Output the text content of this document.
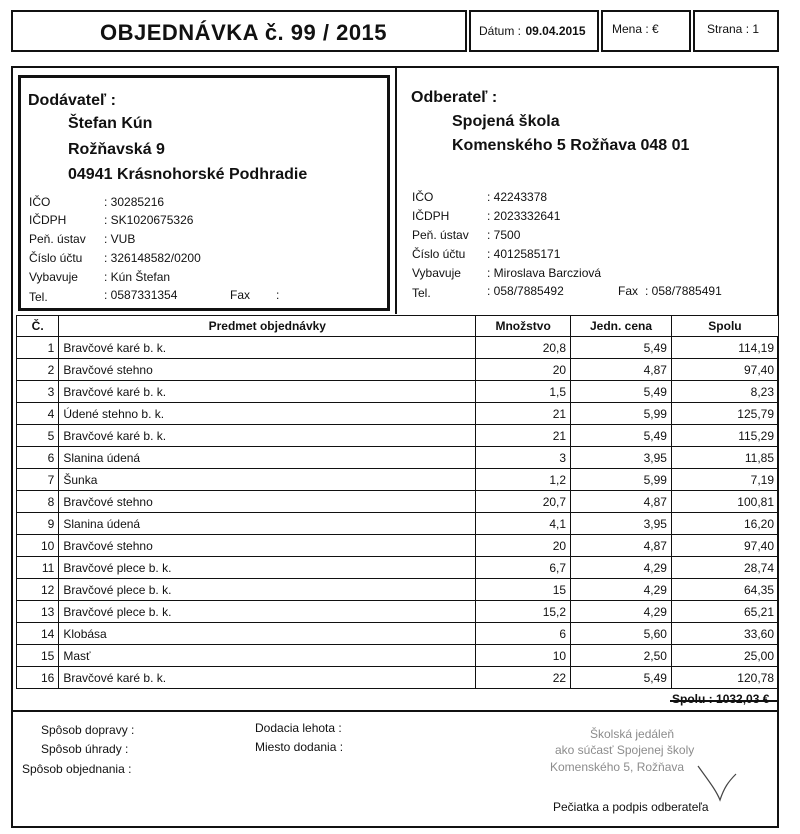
OBJEDNÁVKA č. 99 / 2015	Dátum : 09.04.2015 Mena : €	Strana : 1
Dodávateľ :
Štefan Kún
Rožňavská 9
04941 Krásnohorské Podhradie
IČO	: 30285216
IČDPH	: SK1020675326
Peň. ústav : VUB
Číslo účtu : 326148582/0200
Vybavuje : Kún Štefan
Tel.	: 0587331354	Fax :
Odberateľ :
Spojená škola
Komenského 5 Rožňava 048 01
IČO	: 42243378
IČDPH	: 2023332641
Peň. ústav : 7500
Číslo účtu : 4012585171
Vybavuje : Miroslava Barcziová
Tel.	: 058/7885492	Fax : 058/7885491
Č.	Predmet objednávky	Množstvo	Jedn. cena	Spolu
1	Bravčové karé b. k.	20,8	5,49	114,19
2	Bravčové stehno	20	4,87	97,40
3	Bravčové karé b. k.	1,5	5,49	8,23
4	Údené stehno b. k.	21	5,99	125,79
5	Bravčové karé b. k.	21	5,49	115,29
6	Slanina údená	3	3,95	11,85
7	Šunka	1,2	5,99	7,19
8	Bravčové stehno	20,7	4,87	100,81
9	Slanina údená	4,1	3,95	16,20
10	Bravčové stehno	20	4,87	97,40
11	Bravčové plece b. k.	6,7	4,29	28,74
12	Bravčové plece b. k.	15	4,29	64,35
13	Bravčové plece b. k.	15,2	4,29	65,21
14	Klobása	6	5,60	33,60
15	Masť	10	2,50	25,00
16	Bravčové karé b. k.	22	5,49	120,78
Spolu : 1032,03 €
Spôsob dopravy :
Spôsob úhrady :
Spôsob objednania :
Dodacia lehota :
Miesto dodania :
Školská jedáleň
ako súčasť Spojenej školy
Komenského 5, Rožňava
Pečiatka a podpis odberateľa
